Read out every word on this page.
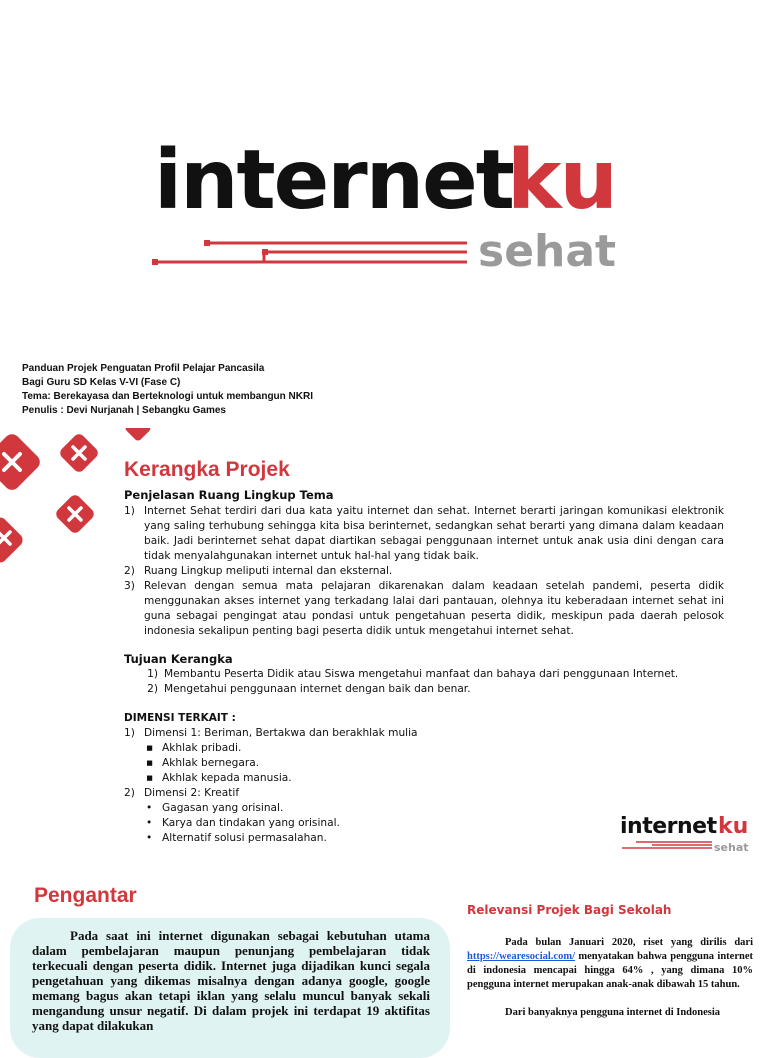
internet
ku
sehat
Panduan Projek Penguatan Profil Pelajar Pancasila
Bagi Guru SD Kelas V-VI (Fase C)
Tema: Berekayasa dan Berteknologi untuk membangun NKRI
Penulis : Devi Nurjanah | Sebangku Games
Kerangka Projek
Penjelasan Ruang Lingkup Tema
1) Internet Sehat terdiri dari dua kata yaitu internet dan sehat. Internet berarti jaringan komunikasi elektronik yang saling terhubung sehingga kita bisa berinternet, sedangkan sehat berarti yang dimana dalam keadaan baik. Jadi berinternet sehat dapat diartikan sebagai penggunaan internet untuk anak usia dini dengan cara tidak menyalahgunakan internet untuk hal-hal yang tidak baik.
2) Ruang Lingkup meliputi internal dan eksternal.
3) Relevan dengan semua mata pelajaran dikarenakan dalam keadaan setelah pandemi, peserta didik menggunakan akses internet yang terkadang lalai dari pantauan, olehnya itu keberadaan internet sehat ini guna sebagai pengingat atau pondasi untuk pengetahuan peserta didik, meskipun pada daerah pelosok indonesia sekalipun penting bagi peserta didik untuk mengetahui internet sehat.
Tujuan Kerangka
1) Membantu Peserta Didik atau Siswa mengetahui manfaat dan bahaya dari penggunaan Internet.
2) Mengetahui penggunaan internet dengan baik dan benar.
DIMENSI TERKAIT :
1) Dimensi 1: Beriman, Bertakwa dan berakhlak mulia
▪ Akhlak pribadi.
▪ Akhlak bernegara.
▪ Akhlak kepada manusia.
2) Dimensi 2: Kreatif
• Gagasan yang orisinal.
• Karya dan tindakan yang orisinal.
• Alternatif solusi permasalahan.	internet ku
sehat
Pengantar
Pada saat ini internet digunakan sebagai kebutuhan utama dalam pembelajaran maupun penunjang pembelajaran tidak terkecuali dengan peserta didik. Internet juga dijadikan kunci segala pengetahuan yang dikemas misalnya dengan adanya google, google memang bagus akan tetapi iklan yang selalu muncul banyak sekali mengandung unsur negatif. Di dalam projek ini terdapat 19 aktifitas yang dapat dilakukan
Relevansi Projek Bagi Sekolah
Pada bulan Januari 2020, riset yang dirilis dari https://wearesocial.com/ menyatakan bahwa pengguna internet di indonesia mencapai hingga 64% , yang dimana 10% pengguna internet merupakan anak-anak dibawah 15 tahun.
Dari banyaknya pengguna internet di Indonesia
